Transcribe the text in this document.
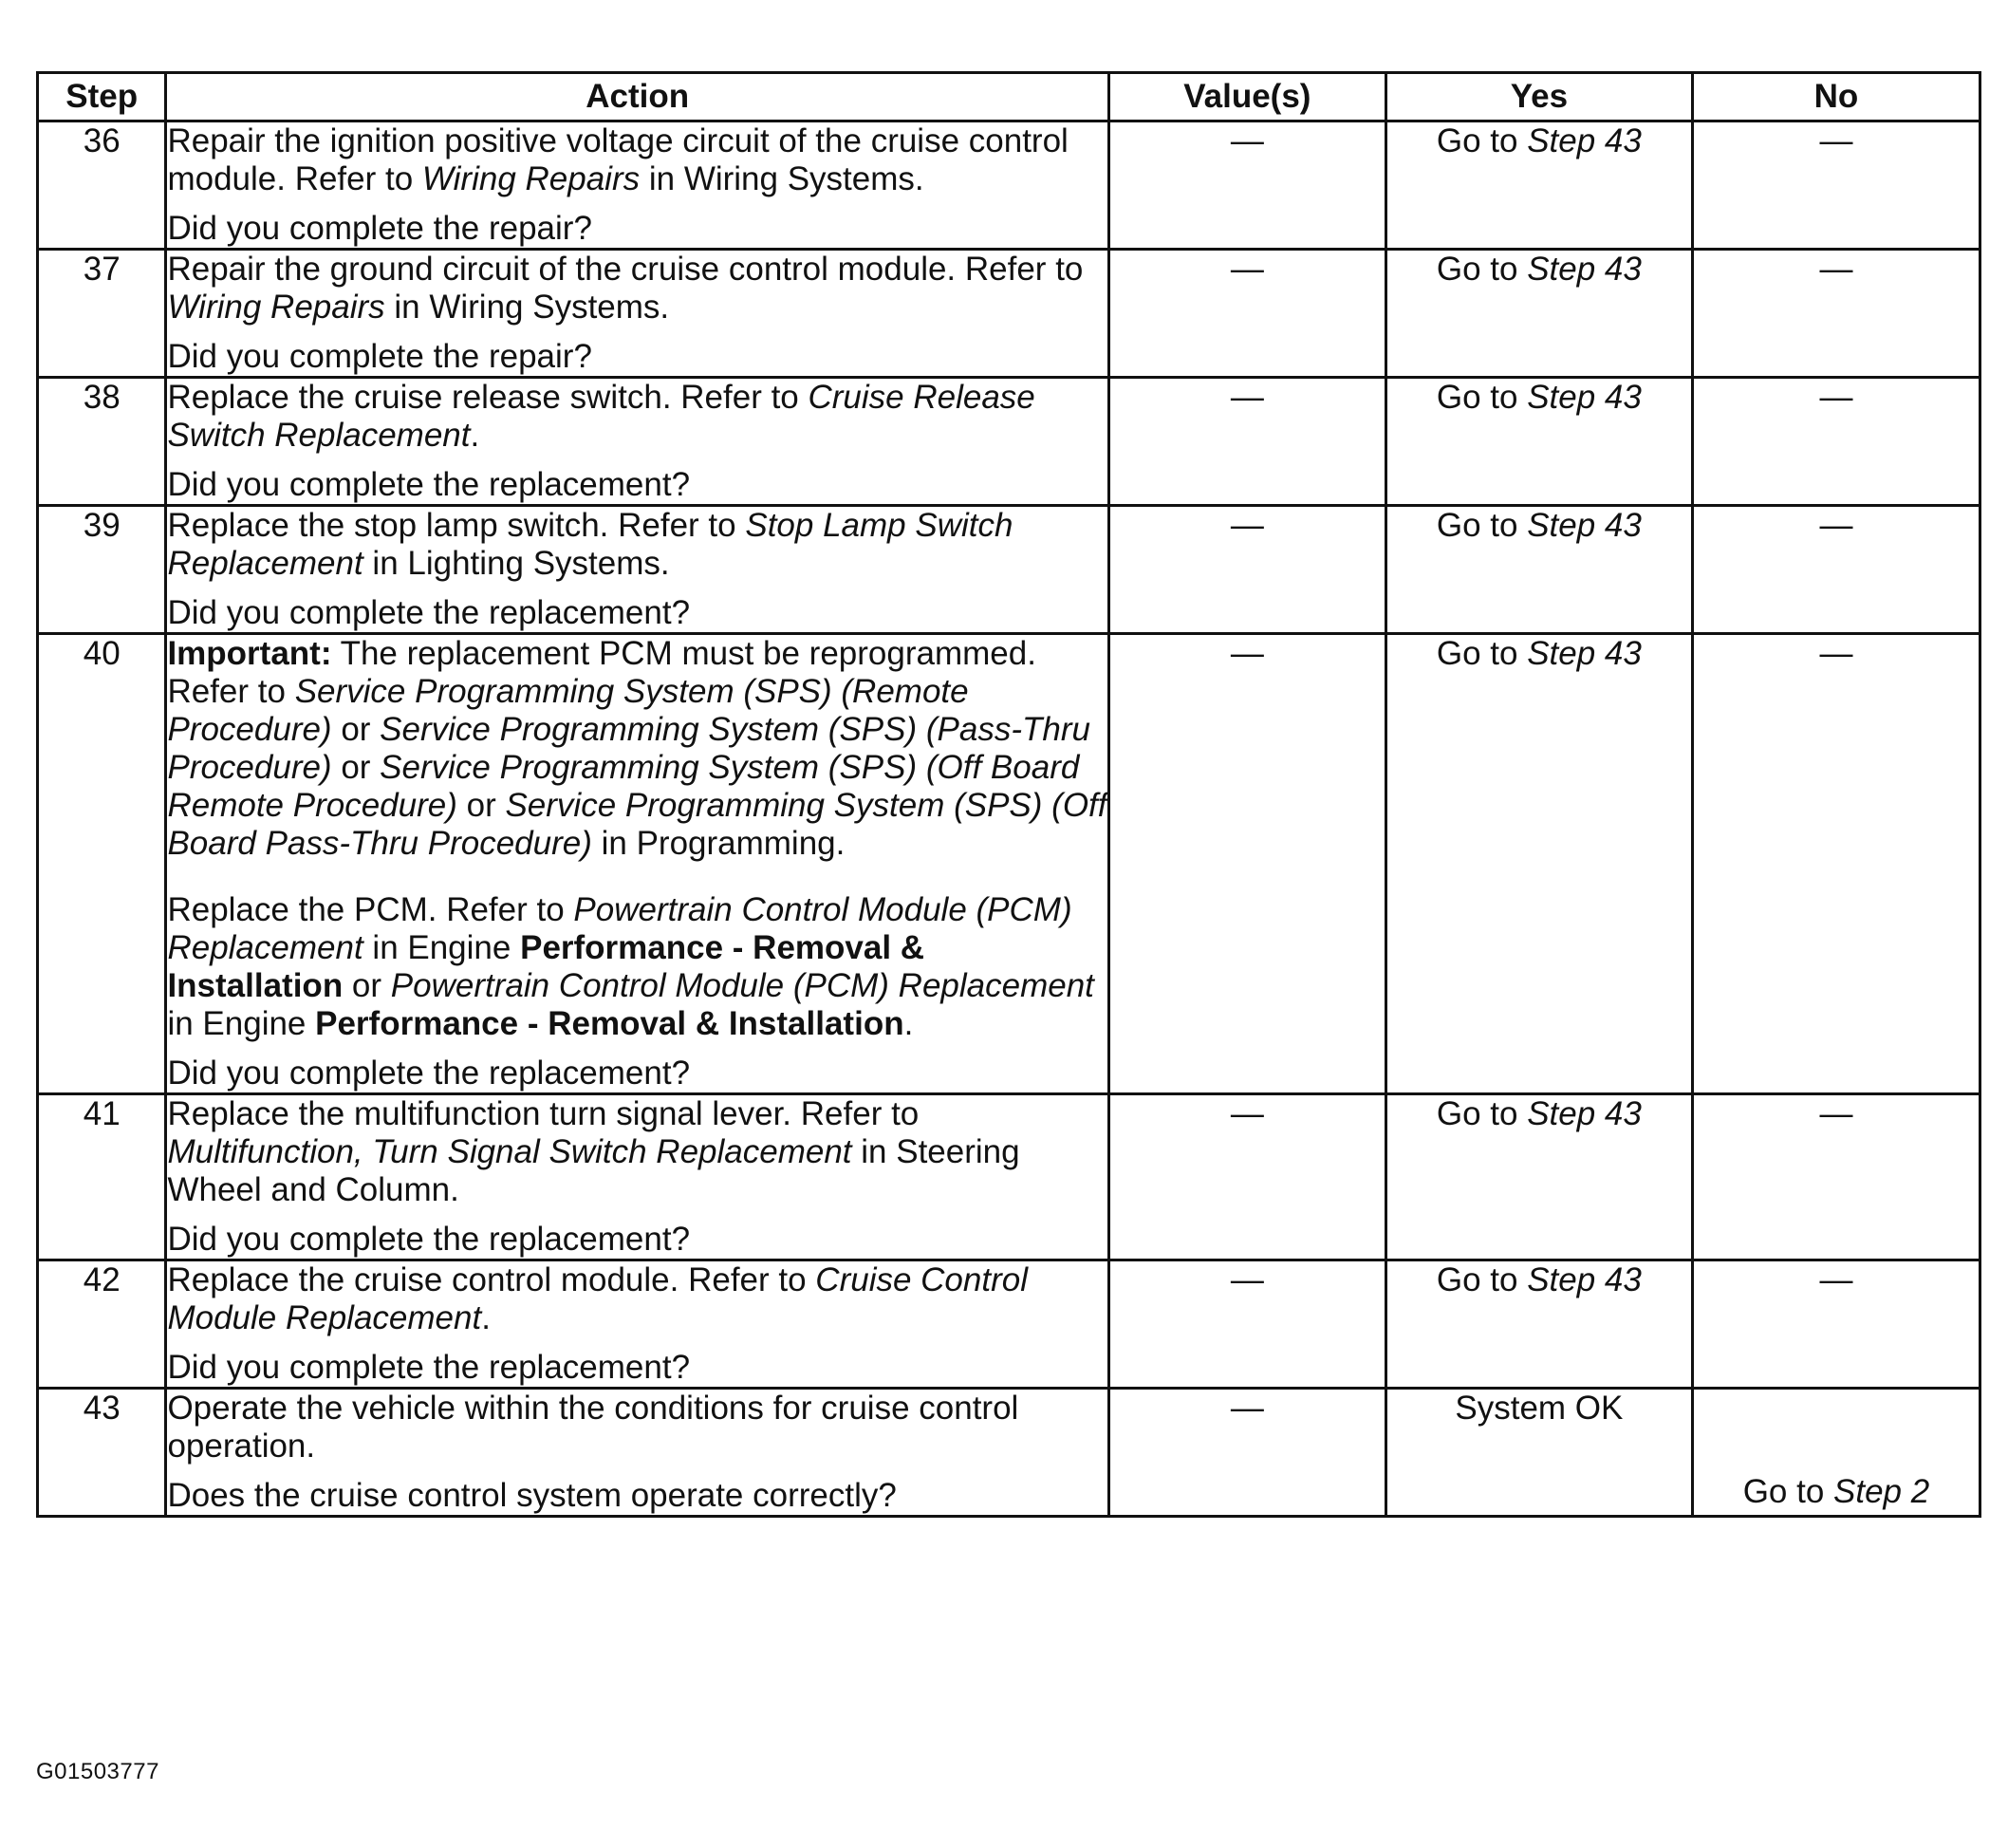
Step	Action	Value(s)	Yes	No
36	Repair the ignition positive voltage circuit of the cruise control module. Refer to Wiring Repairs in Wiring Systems.

Did you complete the repair?	—	Go to Step 43	—
37	Repair the ground circuit of the cruise control module. Refer to Wiring Repairs in Wiring Systems.

Did you complete the repair?	—	Go to Step 43	—
38	Replace the cruise release switch. Refer to Cruise Release Switch Replacement.

Did you complete the replacement?	—	Go to Step 43	—
39	Replace the stop lamp switch. Refer to Stop Lamp Switch Replacement in Lighting Systems.

Did you complete the replacement?	—	Go to Step 43	—
40	Important: The replacement PCM must be reprogrammed. Refer to Service Programming System (SPS) (Remote Procedure) or Service Programming System (SPS) (Pass-Thru Procedure) or Service Programming System (SPS) (Off Board Remote Procedure) or Service Programming System (SPS) (Off Board Pass-Thru Procedure) in Programming.

Replace the PCM. Refer to Powertrain Control Module (PCM) Replacement in Engine Performance - Removal & Installation or Powertrain Control Module (PCM) Replacement in Engine Performance - Removal & Installation.

Did you complete the replacement?	—	Go to Step 43	—
41	Replace the multifunction turn signal lever. Refer to Multifunction, Turn Signal Switch Replacement in Steering Wheel and Column.

Did you complete the replacement?	—	Go to Step 43	—
42	Replace the cruise control module. Refer to Cruise Control Module Replacement.

Did you complete the replacement?	—	Go to Step 43	—
43	Operate the vehicle within the conditions for cruise control operation.

Does the cruise control system operate correctly?	—	System OK	Go to Step 2
G01503777
